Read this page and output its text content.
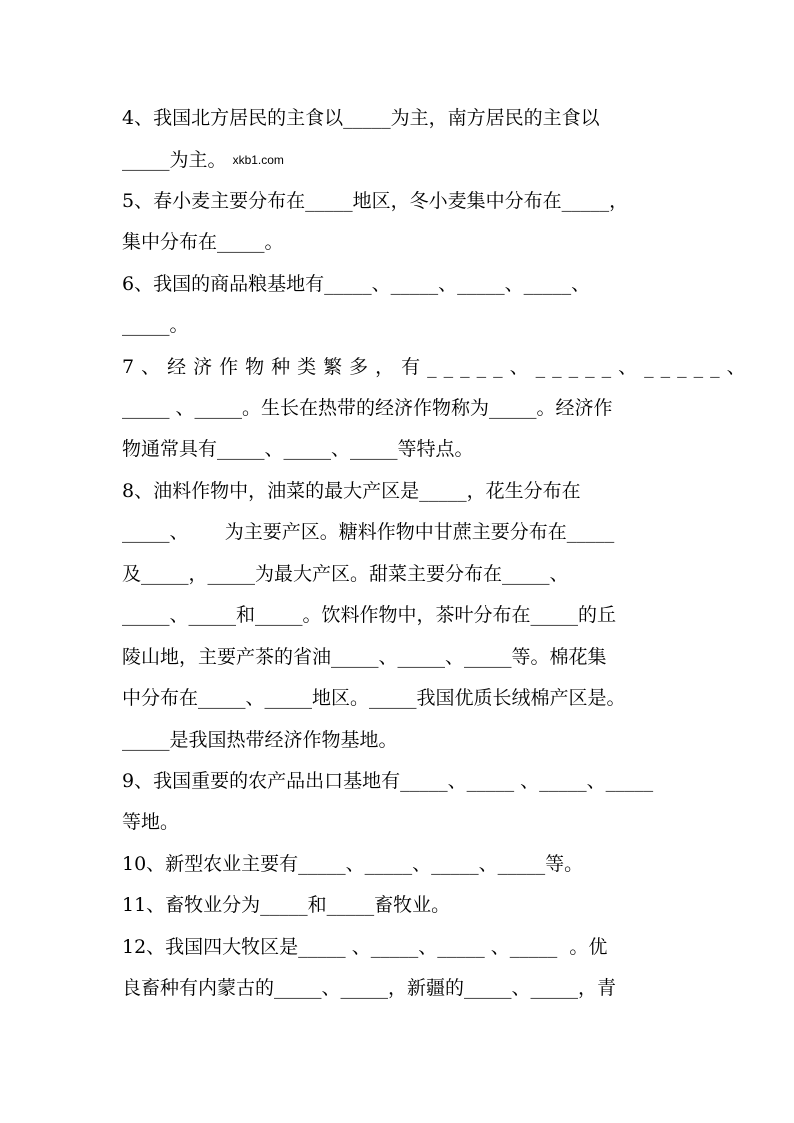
4、我国北方居民的主食以_____为主，南方居民的主食以

_____为主。 xkb1.com

5、春小麦主要分布在_____地区，冬小麦集中分布在_____，

集中分布在_____。

6、我国的商品粮基地有_____、_____、_____、_____、

_____。

7、经济作物种类繁多，有_____、_____、_____、

_____ 、_____。生长在热带的经济作物称为_____。经济作

物通常具有_____、_____、_____等特点。

8、油料作物中，油菜的最大产区是_____，花生分布在

_____、      为主要产区。糖料作物中甘蔗主要分布在_____

及_____，_____为最大产区。甜菜主要分布在_____、

_____、_____和_____。饮料作物中，茶叶分布在_____的丘

陵山地，主要产茶的省油_____、_____、_____等。棉花集

中分布在_____、_____地区。_____我国优质长绒棉产区是。

_____是我国热带经济作物基地。

9、我国重要的农产品出口基地有_____、_____ 、_____、_____

等地。

10、新型农业主要有_____、_____、_____、_____等。

11、畜牧业分为_____和_____畜牧业。

12、我国四大牧区是_____ 、_____、_____ 、_____  。优

良畜种有内蒙古的_____、_____，新疆的_____、_____，青
